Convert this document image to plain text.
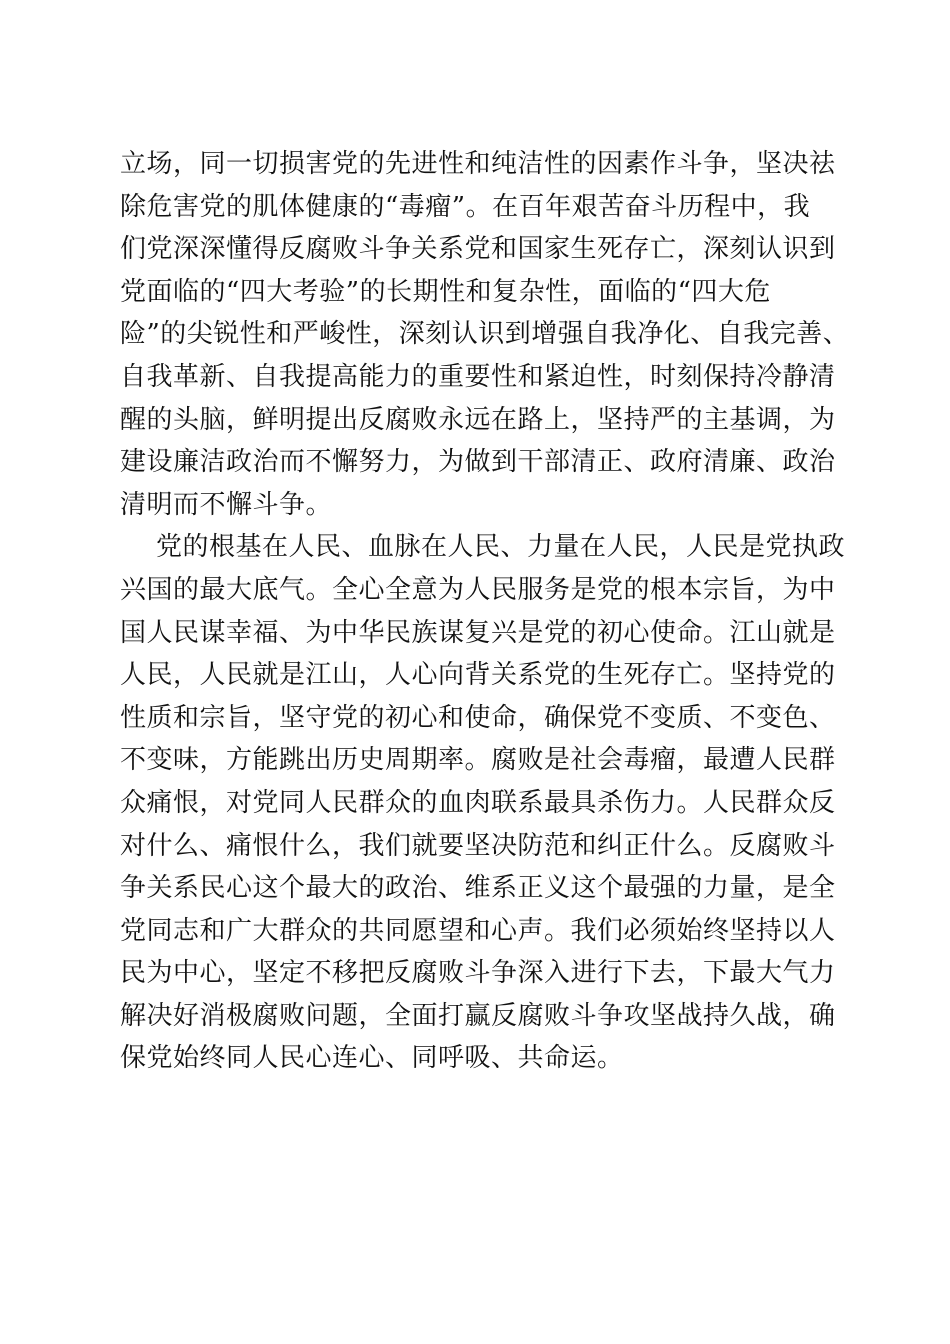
立场，同一切损害党的先进性和纯洁性的因素作斗争，坚决祛
除危害党的肌体健康的“毒瘤”。在百年艰苦奋斗历程中，我
们党深深懂得反腐败斗争关系党和国家生死存亡，深刻认识到
党面临的“四大考验”的长期性和复杂性，面临的“四大危
险”的尖锐性和严峻性，深刻认识到增强自我净化、自我完善、
自我革新、自我提高能力的重要性和紧迫性，时刻保持冷静清
醒的头脑，鲜明提出反腐败永远在路上，坚持严的主基调，为
建设廉洁政治而不懈努力，为做到干部清正、政府清廉、政治
清明而不懈斗争。
党的根基在人民、血脉在人民、力量在人民，人民是党执政
兴国的最大底气。全心全意为人民服务是党的根本宗旨，为中
国人民谋幸福、为中华民族谋复兴是党的初心使命。江山就是
人民，人民就是江山，人心向背关系党的生死存亡。坚持党的
性质和宗旨，坚守党的初心和使命，确保党不变质、不变色、
不变味，方能跳出历史周期率。腐败是社会毒瘤，最遭人民群
众痛恨，对党同人民群众的血肉联系最具杀伤力。人民群众反
对什么、痛恨什么，我们就要坚决防范和纠正什么。反腐败斗
争关系民心这个最大的政治、维系正义这个最强的力量，是全
党同志和广大群众的共同愿望和心声。我们必须始终坚持以人
民为中心，坚定不移把反腐败斗争深入进行下去，下最大气力
解决好消极腐败问题，全面打赢反腐败斗争攻坚战持久战，确
保党始终同人民心连心、同呼吸、共命运。
